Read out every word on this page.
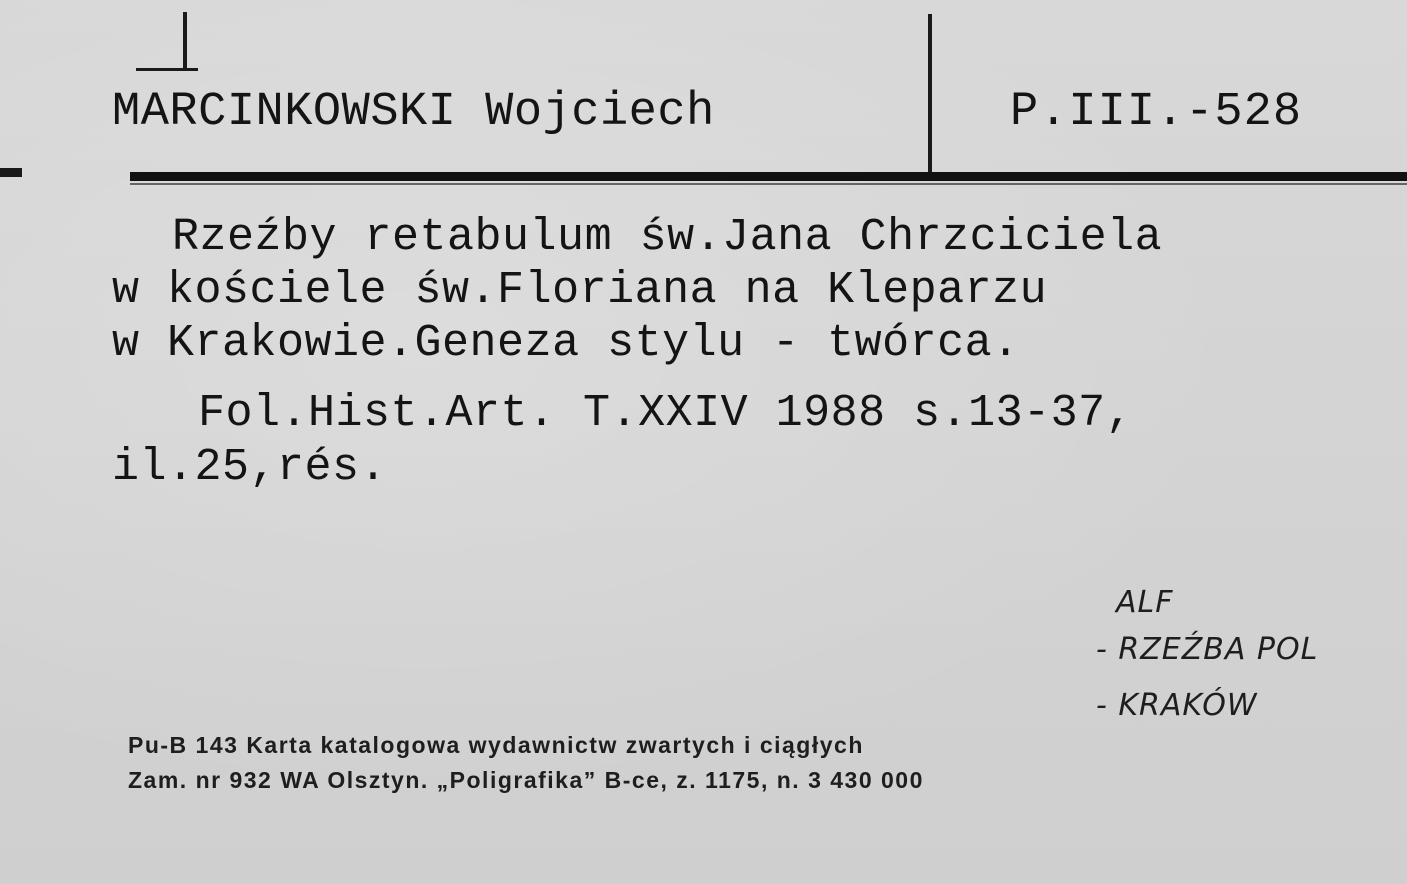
MARCINKOWSKI Wojciech	P.III.-528
Rzeźby retabulum św.Jana Chrzciciela
w kościele św.Floriana na Kleparzu
w Krakowie.Geneza stylu - twórca.
Fol.Hist.Art. T.XXIV 1988 s.13-37,
il.25,rés.
ALF
- RZEŹBA POL
- KRAKÓW
Pu-B 143 Karta katalogowa wydawnictw zwartych i ciągłych
Zam. nr 932 WA Olsztyn. „Poligrafika” B-ce, z. 1175, n. 3 430 000
